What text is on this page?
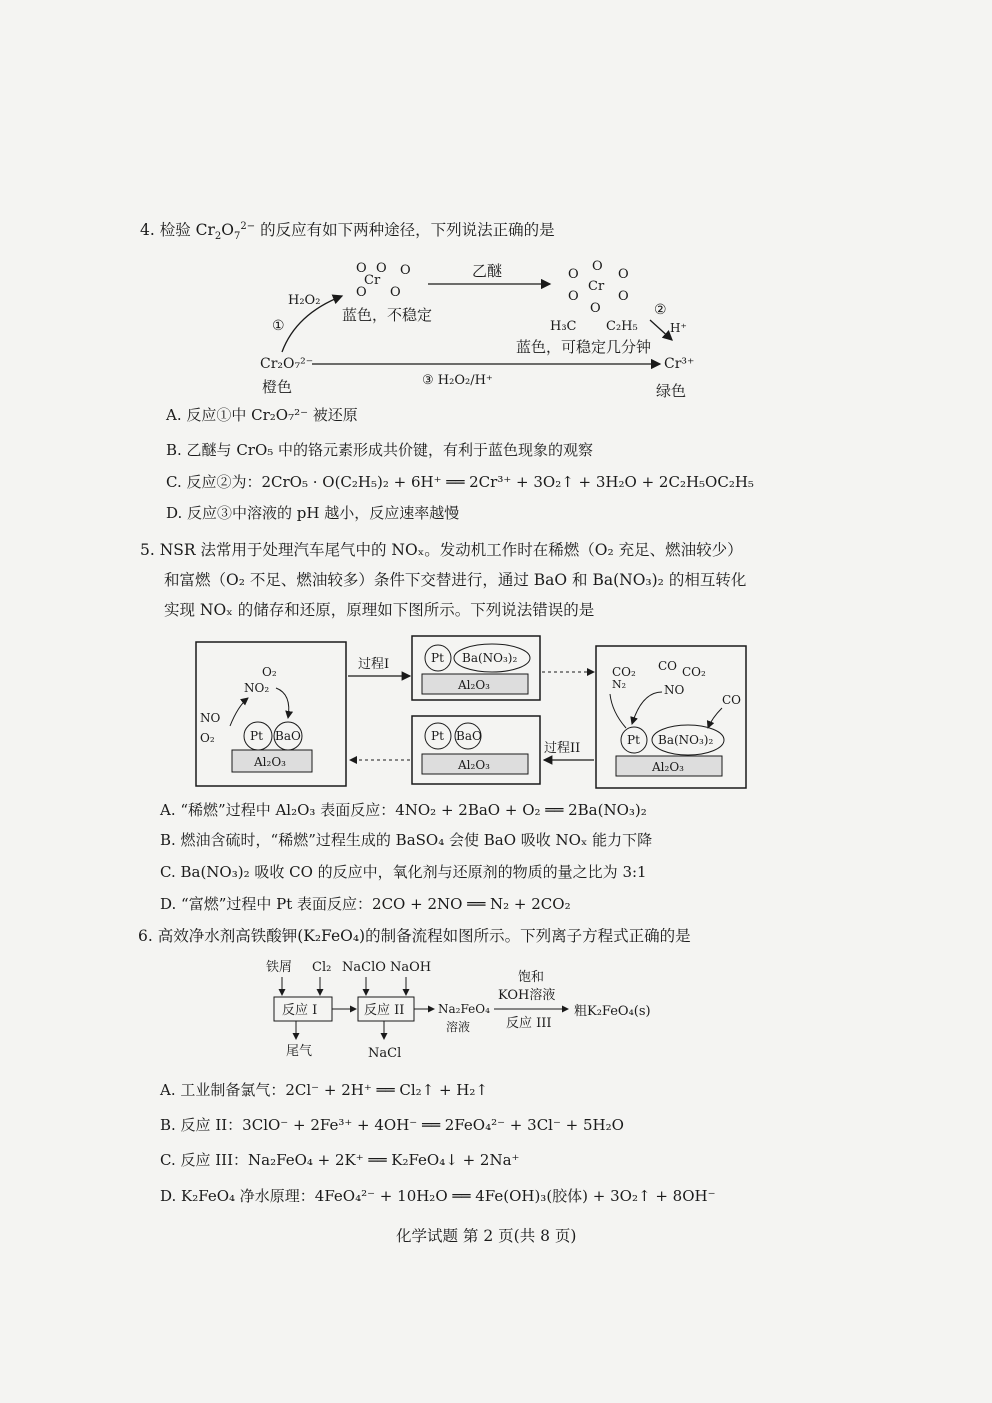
4. 检验 $Cr_2O_7^{2-}$ 的反应有如下两种途径，下列说法正确的是
O O
Cr
O
O O
蓝色，不稳定
乙醚	O
O
O
Cr
O	O
O
H₃C C₂H₅
蓝色，可稳定几分钟
②
H⁺
H₂O₂
①
Cr₂O₇²⁻
橙色	③ H₂O₂/H⁺
Cr³⁺
绿色
A. 反应①中 Cr₂O₇²⁻ 被还原
B. 乙醚与 CrO₅ 中的铬元素形成共价键，有利于蓝色现象的观察
C. 反应②为：2CrO₅ · O(C₂H₅)₂ + 6H⁺ ══ 2Cr³⁺ + 3O₂↑ + 3H₂O + 2C₂H₅OC₂H₅
D. 反应③中溶液的 pH 越小，反应速率越慢
5. NSR 法常用于处理汽车尾气中的 NOₓ。发动机工作时在稀燃（O₂ 充足、燃油较少）
和富燃（O₂ 不足、燃油较多）条件下交替进行，通过 BaO 和 Ba(NO₃)₂ 的相互转化
实现 NOₓ 的储存和还原，原理如下图所示。下列说法错误的是
Al₂O₃
Pt BaO
NO
O₂
O₂
NO₂
过程I
Al₂O₃
Pt Ba(NO₃)₂
Al₂O₃
Pt BaO
过程II
Al₂O₃
Pt Ba(NO₃)₂
N₂
CO₂ CO
NO
CO₂
CO
A. “稀燃”过程中 Al₂O₃ 表面反应：4NO₂ + 2BaO + O₂ ══ 2Ba(NO₃)₂
B. 燃油含硫时，“稀燃”过程生成的 BaSO₄ 会使 BaO 吸收 NOₓ 能力下降
C. Ba(NO₃)₂ 吸收 CO 的反应中，氧化剂与还原剂的物质的量之比为 3:1
D. “富燃”过程中 Pt 表面反应：2CO + 2NO ══ N₂ + 2CO₂
6. 高效净水剂高铁酸钾(K₂FeO₄)的制备流程如图所示。下列离子方程式正确的是
铁屑 Cl₂ NaClO NaOH
反应 I	反应 II
尾气	NaCl
Na₂FeO₄
溶液
饱和
KOH溶液
反应 III
粗K₂FeO₄(s)
A. 工业制备氯气：2Cl⁻ + 2H⁺ ══ Cl₂↑ + H₂↑
B. 反应 II：3ClO⁻ + 2Fe³⁺ + 4OH⁻ ══ 2FeO₄²⁻ + 3Cl⁻ + 5H₂O
C. 反应 III：Na₂FeO₄ + 2K⁺ ══ K₂FeO₄↓ + 2Na⁺
D. K₂FeO₄ 净水原理：4FeO₄²⁻ + 10H₂O ══ 4Fe(OH)₃(胶体) + 3O₂↑ + 8OH⁻
化学试题 第 2 页(共 8 页)
